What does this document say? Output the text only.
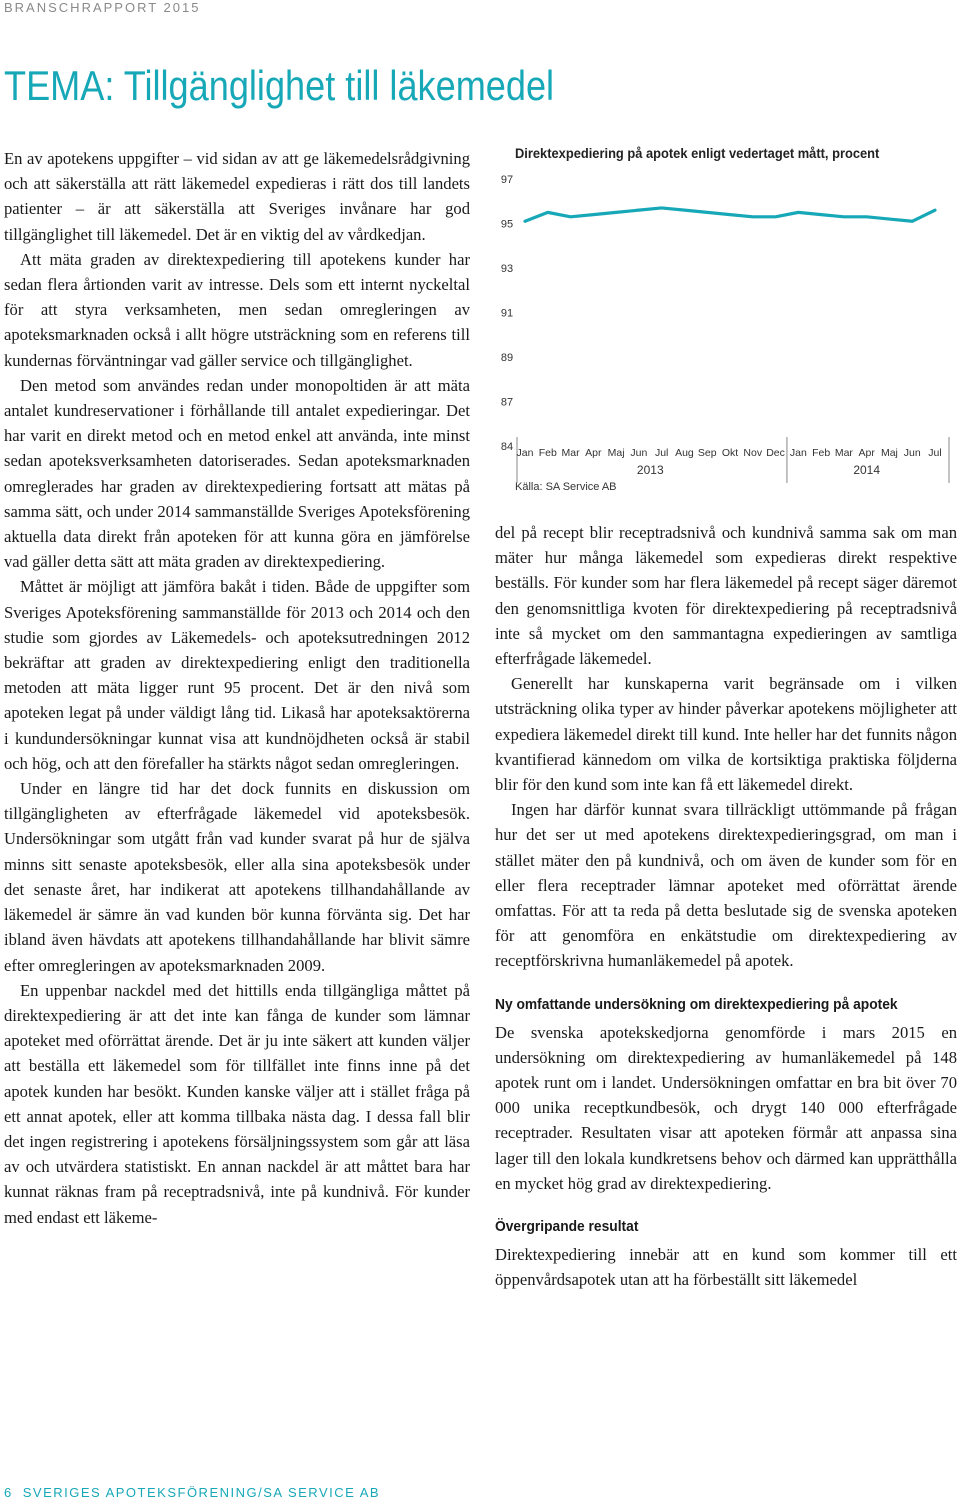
BRANSCHRAPPORT 2015
TEMA: Tillgänglighet till läkemedel

En av apotekens uppgifter – vid sidan av att ge läkemedelsrådgivning och att säkerställa att rätt läkemedel expedieras i rätt dos till landets patienter – är att säkerställa att Sveriges invånare har god tillgänglighet till läkemedel. Det är en viktig del av vårdkedjan.

Att mäta graden av direktexpediering till apotekens kunder har sedan flera årtionden varit av intresse. Dels som ett internt nyckeltal för att styra verksamheten, men sedan omregleringen av apoteksmarknaden också i allt högre utsträckning som en referens till kundernas förväntningar vad gäller service och tillgänglighet.

Den metod som användes redan under monopoltiden är att mäta antalet kundreservationer i förhållande till antalet expedieringar. Det har varit en direkt metod och en metod enkel att använda, inte minst sedan apoteksverksamheten datoriserades. Sedan apoteksmarknaden omreglerades har graden av direktexpediering fortsatt att mätas på samma sätt, och under 2014 sammanställde Sveriges Apoteksförening aktuella data direkt från apoteken för att kunna göra en jämförelse vad gäller detta sätt att mäta graden av direktexpediering.

Måttet är möjligt att jämföra bakåt i tiden. Både de uppgifter som Sveriges Apoteksförening sammanställde för 2013 och 2014 och den studie som gjordes av Läkemedels- och apoteksutredningen 2012 bekräftar att graden av direktexpediering enligt den traditionella metoden att mäta ligger runt 95 procent. Det är den nivå som apoteken legat på under väldigt lång tid. Likaså har apoteksaktörerna i kundundersökningar kunnat visa att kundnöjdheten också är stabil och hög, och att den förefaller ha stärkts något sedan omregleringen.

Under en längre tid har det dock funnits en diskussion om tillgängligheten av efterfrågade läkemedel vid apoteksbesök. Undersökningar som utgått från vad kunder svarat på hur de själva minns sitt senaste apoteksbesök, eller alla sina apoteksbesök under det senaste året, har indikerat att apotekens tillhandahållande av läkemedel är sämre än vad kunden bör kunna förvänta sig. Det har ibland även hävdats att apotekens tillhandahållande har blivit sämre efter omregleringen av apoteksmarknaden 2009.

En uppenbar nackdel med det hittills enda tillgängliga måttet på direktexpediering är att det inte kan fånga de kunder som lämnar apoteket med oförrättat ärende. Det är ju inte säkert att kunden väljer att beställa ett läkemedel som för tillfället inte finns inne på det apotek kunden har besökt. Kunden kanske väljer att i stället fråga på ett annat apotek, eller att komma tillbaka nästa dag. I dessa fall blir det ingen registrering i apotekens försäljningssystem som går att läsa av och utvärdera statistiskt. En annan nackdel är att måttet bara har kunnat räknas fram på receptradsnivå, inte på kundnivå. För kunder med endast ett läkeme-

Direktexpediering på apotek enligt vedertaget mått, procent
97
95
93
91
89
87
84 Jan Feb Mar Apr Maj Jun Jul Aug Sep Okt Nov Dec Jan Feb Mar Apr Maj Jun Jul
2013	2014
Källa: SA Service AB

del på recept blir receptradsnivå och kundnivå samma sak om man mäter hur många läkemedel som expedieras direkt respektive beställs. För kunder som har flera läkemedel på recept säger däremot den genomsnittliga kvoten för direktexpediering på receptradsnivå inte så mycket om den sammantagna expedieringen av samtliga efterfrågade läkemedel.

Generellt har kunskaperna varit begränsade om i vilken utsträckning olika typer av hinder påverkar apotekens möjligheter att expediera läkemedel direkt till kund. Inte heller har det funnits någon kvantifierad kännedom om vilka de kortsiktiga praktiska följderna blir för den kund som inte kan få ett läkemedel direkt.

Ingen har därför kunnat svara tillräckligt uttömmande på frågan hur det ser ut med apotekens direktexpedieringsgrad, om man i stället mäter den på kundnivå, och om även de kunder som för en eller flera receptrader lämnar apoteket med oförrättat ärende omfattas. För att ta reda på detta beslutade sig de svenska apoteken för att genomföra en enkätstudie om direktexpediering av receptförskrivna humanläkemedel på apotek.

Ny omfattande undersökning om direktexpediering på apotek

De svenska apotekskedjorna genomförde i mars 2015 en undersökning om direktexpediering av humanläkemedel på 148 apotek runt om i landet. Undersökningen omfattar en bra bit över 70 000 unika receptkundbesök, och drygt 140 000 efterfrågade receptrader. Resultaten visar att apoteken förmår att anpassa sina lager till den lokala kundkretsens behov och därmed kan upprätthålla en mycket hög grad av direktexpediering.

Övergripande resultat

Direktexpediering innebär att en kund som kommer till ett öppenvårdsapotek utan att ha förbeställt sitt läkemedel

6 SVERIGES APOTEKSFÖRENING/SA SERVICE AB
